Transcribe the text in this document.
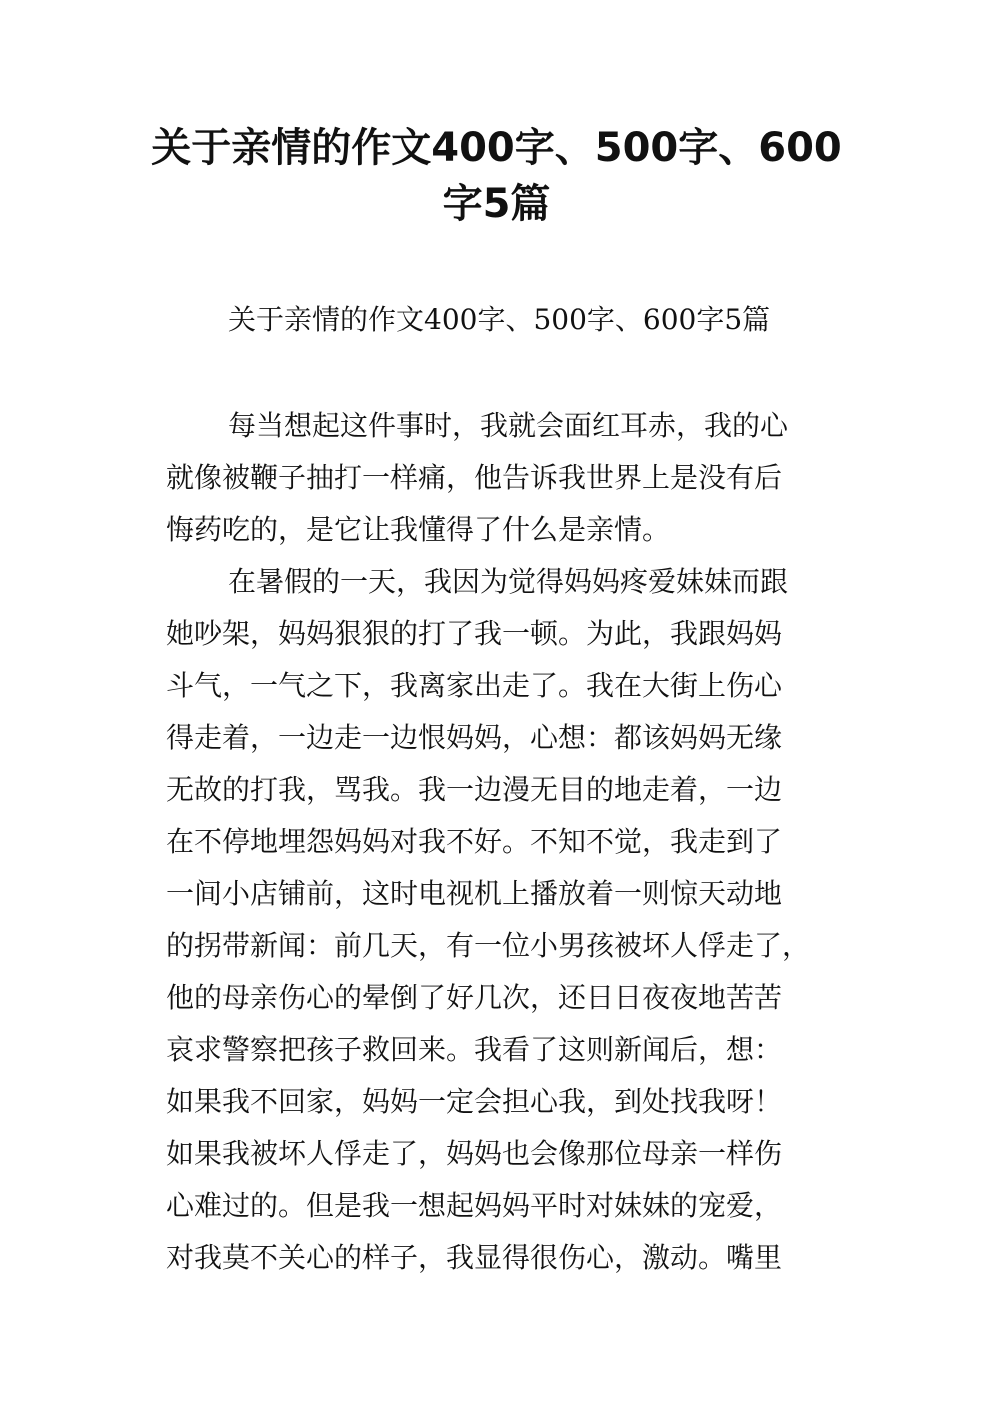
关于亲情的作文400字、500字、600
字5篇

关于亲情的作文400字、500字、600字5篇

每当想起这件事时，我就会面红耳赤，我的心
就像被鞭子抽打一样痛，他告诉我世界上是没有后
悔药吃的，是它让我懂得了什么是亲情。
在暑假的一天，我因为觉得妈妈疼爱妹妹而跟
她吵架，妈妈狠狠的打了我一顿。为此，我跟妈妈
斗气，一气之下，我离家出走了。我在大街上伤心
得走着，一边走一边恨妈妈，心想：都该妈妈无缘
无故的打我，骂我。我一边漫无目的地走着，一边
在不停地埋怨妈妈对我不好。不知不觉，我走到了
一间小店铺前，这时电视机上播放着一则惊天动地
的拐带新闻：前几天，有一位小男孩被坏人俘走了，
他的母亲伤心的晕倒了好几次，还日日夜夜地苦苦
哀求警察把孩子救回来。我看了这则新闻后，想：
如果我不回家，妈妈一定会担心我，到处找我呀！
如果我被坏人俘走了，妈妈也会像那位母亲一样伤
心难过的。但是我一想起妈妈平时对妹妹的宠爱，
对我莫不关心的样子，我显得很伤心，激动。嘴里
